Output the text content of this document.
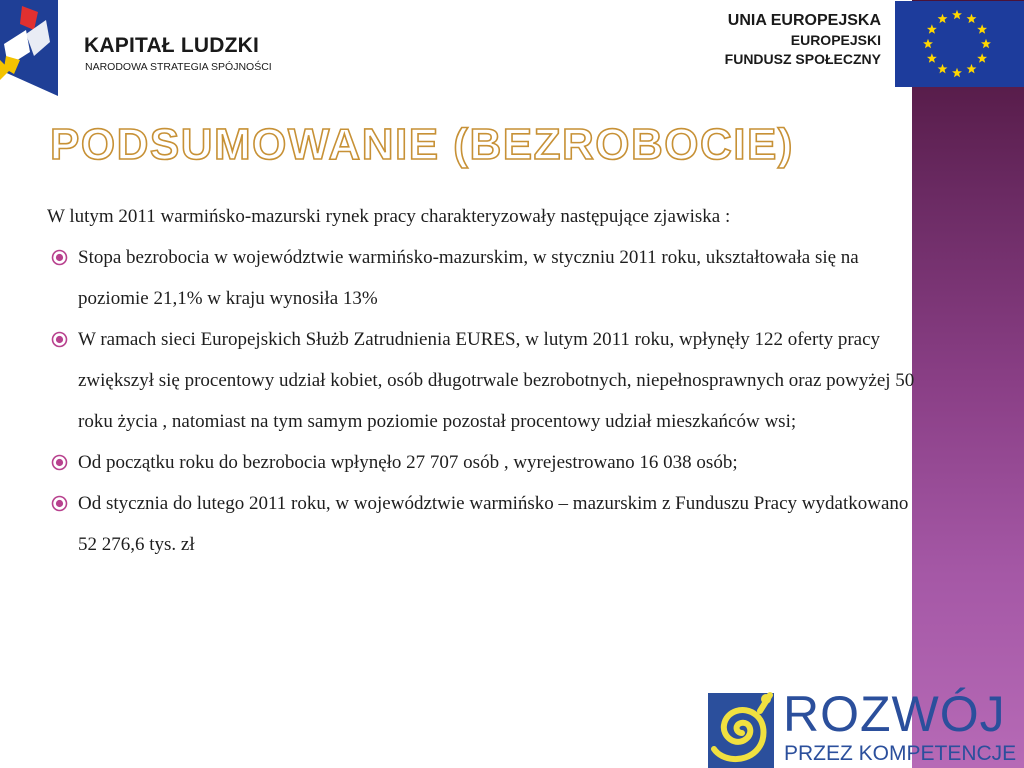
KAPITAŁ LUDZKI
NARODOWA STRATEGIA SPÓJNOŚCI
UNIA EUROPEJSKA
EUROPEJSKI
FUNDUSZ SPOŁECZNY
PODSUMOWANIE (BEZROBOCIE)

W lutym 2011 warmińsko-mazurski rynek pracy charakteryzowały następujące zjawiska :

Stopa bezrobocia w województwie warmińsko-mazurskim, w styczniu 2011 roku, ukształtowała się na poziomie 21,1% w kraju wynosiła 13%
W ramach sieci Europejskich Służb Zatrudnienia EURES, w lutym 2011 roku, wpłynęły 122 oferty pracy zwiększył się procentowy udział kobiet, osób długotrwale bezrobotnych, niepełnosprawnych oraz powyżej 50 roku życia , natomiast na tym samym poziomie pozostał procentowy udział mieszkańców wsi;
Od początku roku do bezrobocia wpłynęło 27 707 osób , wyrejestrowano 16 038 osób;
Od stycznia do lutego 2011 roku, w województwie warmińsko – mazurskim z Funduszu Pracy wydatkowano 52 276,6 tys. zł
ROZWÓJ
PRZEZ KOMPETENCJE
